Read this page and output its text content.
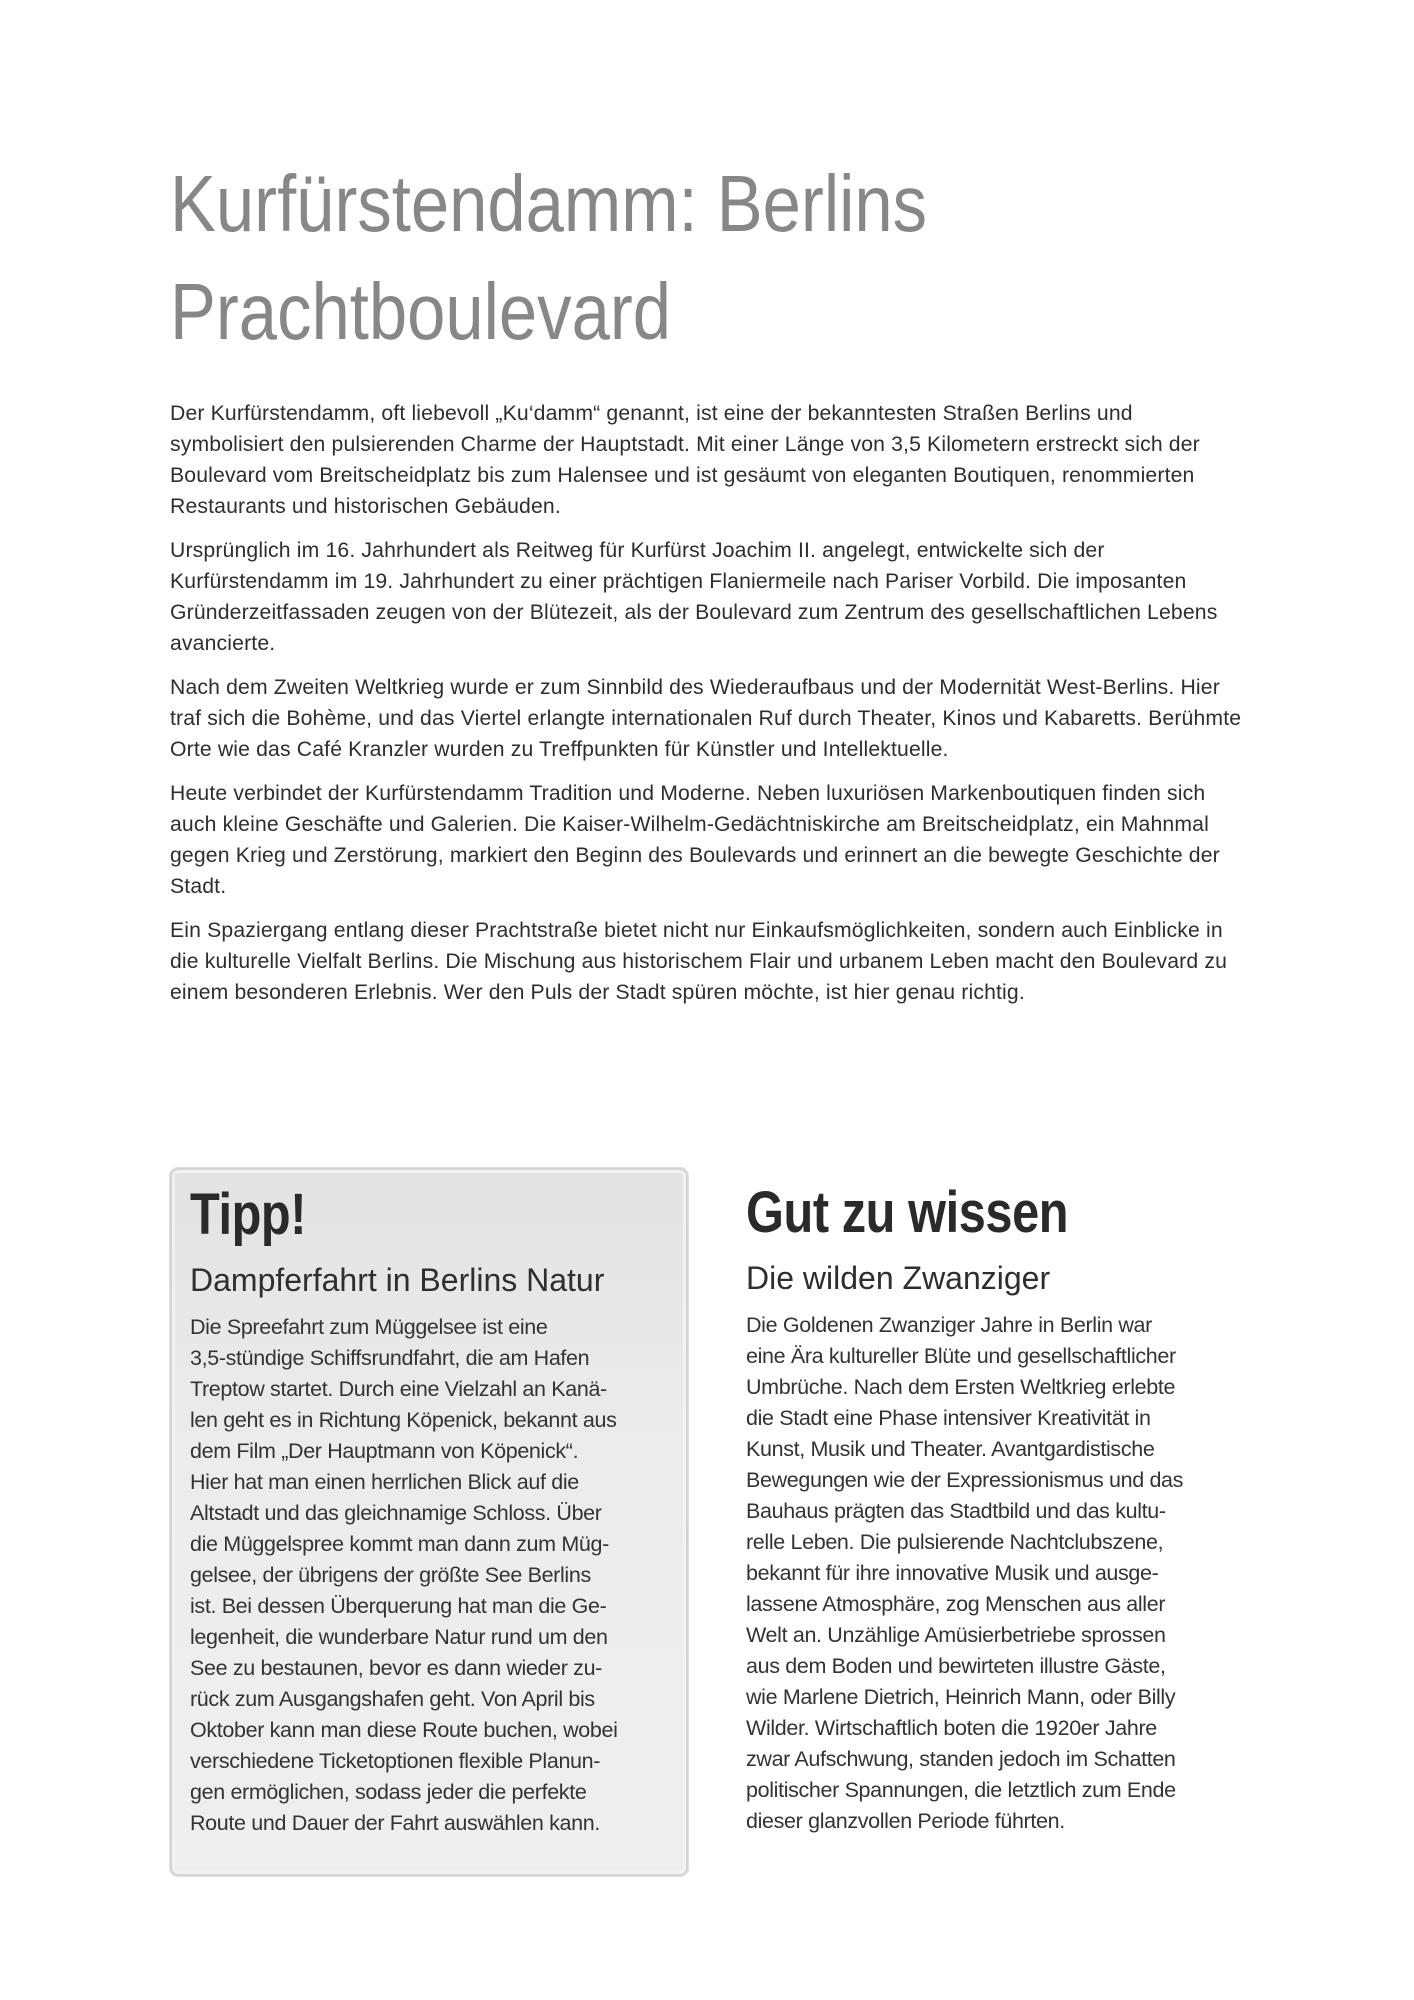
Kurfürstendamm: Berlins
Prachtboulevard

Der Kurfürstendamm, oft liebevoll „Ku‘damm“ genannt, ist eine der bekanntesten Straßen Berlins und symbolisiert den pulsierenden Charme der Hauptstadt. Mit einer Länge von 3,5 Kilometern erstreckt sich der Boulevard vom Breitscheidplatz bis zum Halensee und ist gesäumt von eleganten Boutiquen, renommierten Restaurants und historischen Gebäuden.

Ursprünglich im 16. Jahrhundert als Reitweg für Kurfürst Joachim II. angelegt, entwickelte sich der Kurfürstendamm im 19. Jahrhundert zu einer prächtigen Flaniermeile nach Pariser Vorbild. Die imposanten Gründerzeitfassaden zeugen von der Blütezeit, als der Boulevard zum Zentrum des gesellschaftlichen Lebens avancierte.

Nach dem Zweiten Weltkrieg wurde er zum Sinnbild des Wiederaufbaus und der Modernität West-Berlins. Hier traf sich die Bohème, und das Viertel erlangte internationalen Ruf durch Theater, Kinos und Kabaretts. Berühmte Orte wie das Café Kranzler wurden zu Treffpunkten für Künstler und Intellektuelle.

Heute verbindet der Kurfürstendamm Tradition und Moderne. Neben luxuriösen Markenboutiquen finden sich auch kleine Geschäfte und Galerien. Die Kaiser-Wilhelm-Gedächtniskirche am Breitscheidplatz, ein Mahnmal gegen Krieg und Zerstörung, markiert den Beginn des Boulevards und erinnert an die bewegte Geschichte der Stadt.

Ein Spaziergang entlang dieser Prachtstraße bietet nicht nur Einkaufsmöglichkeiten, sondern auch Einblicke in die kulturelle Vielfalt Berlins. Die Mischung aus historischem Flair und urbanem Leben macht den Boulevard zu einem besonderen Erlebnis. Wer den Puls der Stadt spüren möchte, ist hier genau richtig.

Tipp!
Dampferfahrt in Berlins Natur

Die Spreefahrt zum Müggelsee ist eine
3,5-stündige Schiffsrundfahrt, die am Hafen
Treptow startet. Durch eine Vielzahl an Kanä-
len geht es in Richtung Köpenick, bekannt aus
dem Film „Der Hauptmann von Köpenick“.
Hier hat man einen herrlichen Blick auf die
Altstadt und das gleichnamige Schloss. Über
die Müggelspree kommt man dann zum Müg-
gelsee, der übrigens der größte See Berlins
ist. Bei dessen Überquerung hat man die Ge-
legenheit, die wunderbare Natur rund um den
See zu bestaunen, bevor es dann wieder zu-
rück zum Ausgangshafen geht. Von April bis
Oktober kann man diese Route buchen, wobei
verschiedene Ticketoptionen flexible Planun-
gen ermöglichen, sodass jeder die perfekte
Route und Dauer der Fahrt auswählen kann.

Gut zu wissen
Die wilden Zwanziger

Die Goldenen Zwanziger Jahre in Berlin war
eine Ära kultureller Blüte und gesellschaftlicher
Umbrüche. Nach dem Ersten Weltkrieg erlebte
die Stadt eine Phase intensiver Kreativität in
Kunst, Musik und Theater. Avantgardistische
Bewegungen wie der Expressionismus und das
Bauhaus prägten das Stadtbild und das kultu-
relle Leben. Die pulsierende Nachtclubszene,
bekannt für ihre innovative Musik und ausge-
lassene Atmosphäre, zog Menschen aus aller
Welt an. Unzählige Amüsierbetriebe sprossen
aus dem Boden und bewirteten illustre Gäste,
wie Marlene Dietrich, Heinrich Mann, oder Billy
Wilder. Wirtschaftlich boten die 1920er Jahre
zwar Aufschwung, standen jedoch im Schatten
politischer Spannungen, die letztlich zum Ende
dieser glanzvollen Periode führten.
